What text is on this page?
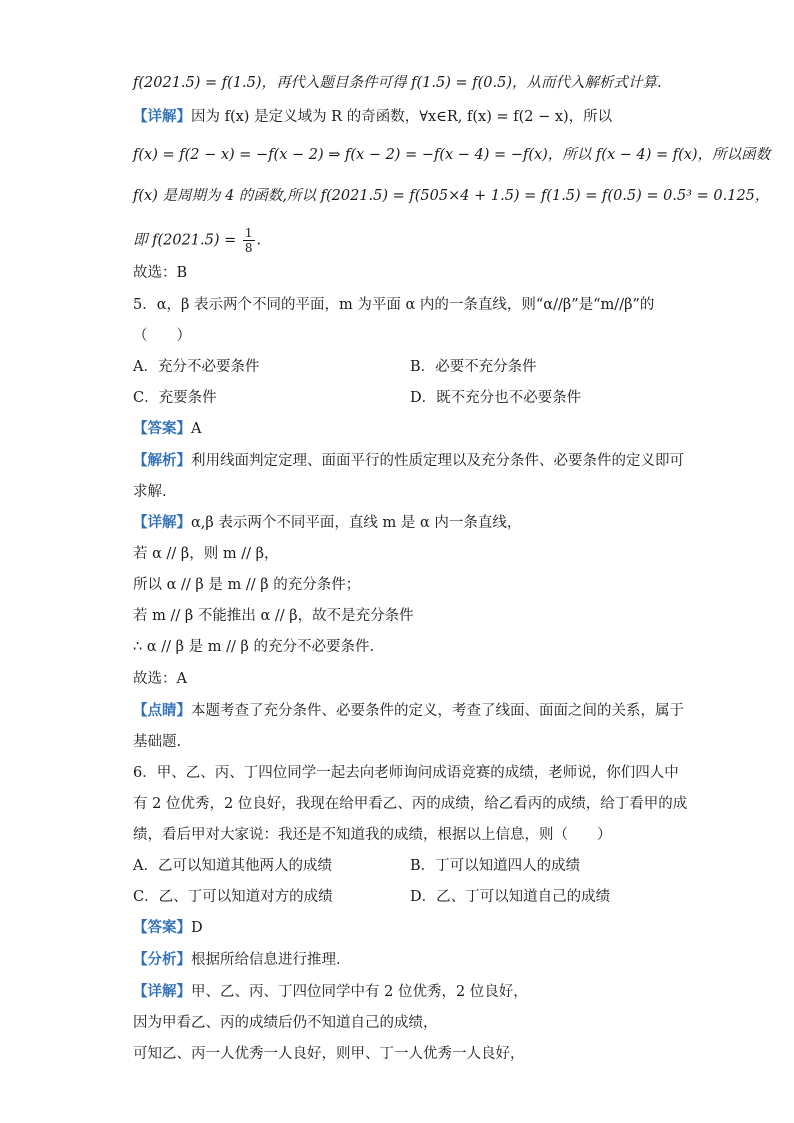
f(2021.5) = f(1.5)，再代入题目条件可得 f(1.5) = f(0.5)，从而代入解析式计算.
【详解】因为 f(x) 是定义域为 R 的奇函数，∀x∈R, f(x) = f(2 − x)，所以
f(x) = f(2 − x) = −f(x − 2) ⇒ f(x − 2) = −f(x − 4) = −f(x)，所以 f(x − 4) = f(x)，所以函数
f(x) 是周期为 4 的函数,所以 f(2021.5) = f(505×4 + 1.5) = f(1.5) = f(0.5) = 0.5³ = 0.125，
即 $f(2021.5) = \frac{1}{8}$ .
故选：B
5．α，β 表示两个不同的平面，m 为平面 α 内的一条直线，则“α//β”是“m//β”的
（　　）
A．充分不必要条件	B．必要不充分条件
C．充要条件	D．既不充分也不必要条件
【答案】A
【解析】利用线面判定定理、面面平行的性质定理以及充分条件、必要条件的定义即可
求解.
【详解】α,β 表示两个不同平面，直线 m 是 α 内一条直线，
若 α // β，则 m // β，
所以 α // β 是 m // β 的充分条件；
若 m // β 不能推出 α // β，故不是充分条件
∴ α // β 是 m // β 的充分不必要条件.
故选：A
【点睛】本题考查了充分条件、必要条件的定义，考查了线面、面面之间的关系，属于
基础题.
6．甲、乙、丙、丁四位同学一起去向老师询问成语竞赛的成绩，老师说，你们四人中
有 2 位优秀，2 位良好，我现在给甲看乙、丙的成绩，给乙看丙的成绩，给丁看甲的成
绩，看后甲对大家说：我还是不知道我的成绩，根据以上信息，则（　　）
A．乙可以知道其他两人的成绩	B．丁可以知道四人的成绩
C．乙、丁可以知道对方的成绩	D．乙、丁可以知道自己的成绩
【答案】D
【分析】根据所给信息进行推理．
【详解】甲、乙、丙、丁四位同学中有 2 位优秀，2 位良好，
因为甲看乙、丙的成绩后仍不知道自己的成绩，
可知乙、丙一人优秀一人良好，则甲、丁一人优秀一人良好，
